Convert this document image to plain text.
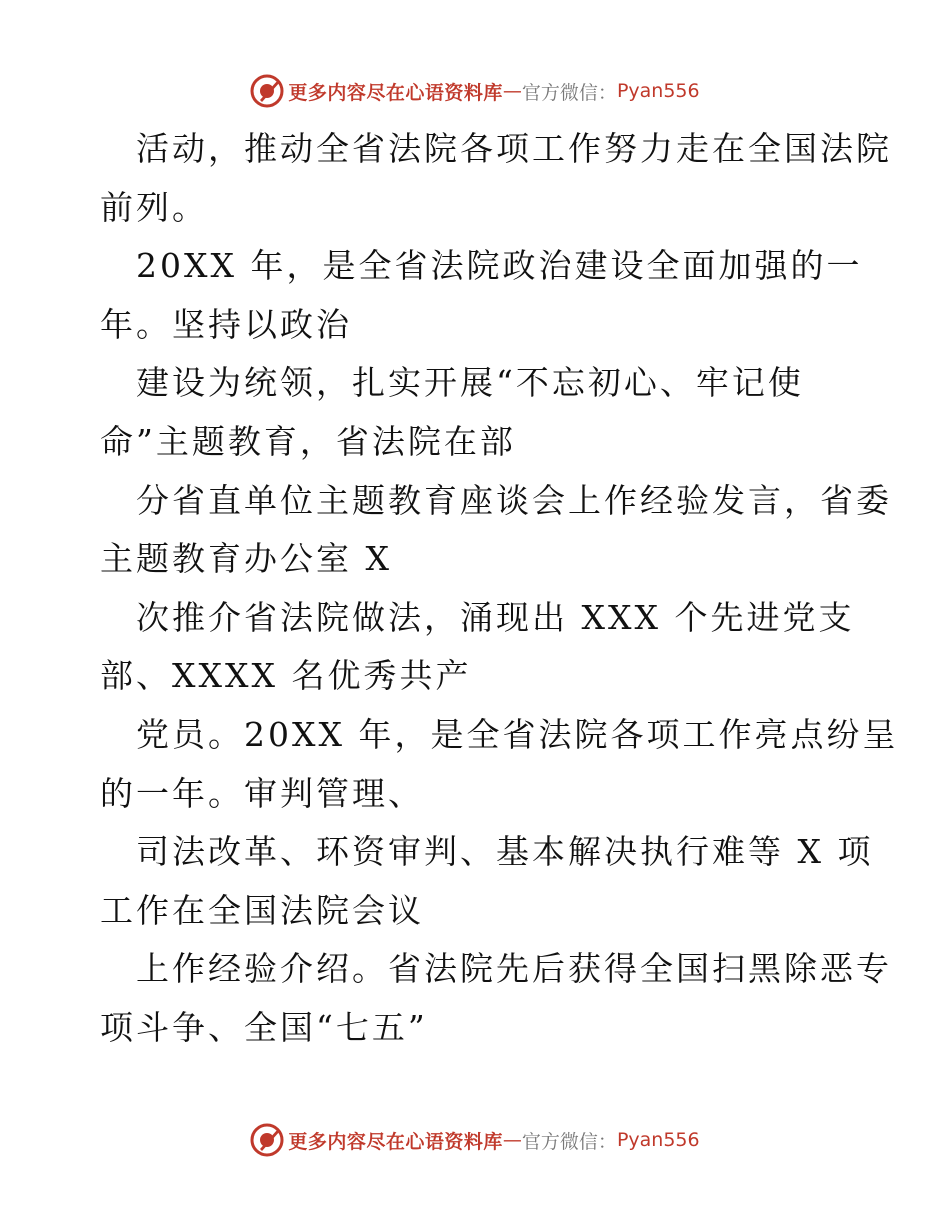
更多内容尽在心语资料库 — 官方微信： Pyan556
活动，推动全省法院各项工作努力走在全国法院
前列。
20XX 年，是全省法院政治建设全面加强的一
年。坚持以政治
建设为统领，扎实开展“不忘初心、牢记使
命”主题教育，省法院在部
分省直单位主题教育座谈会上作经验发言，省委
主题教育办公室 X
次推介省法院做法，涌现出 XXX 个先进党支
部、XXXX 名优秀共产
党员。20XX 年，是全省法院各项工作亮点纷呈
的一年。审判管理、
司法改革、环资审判、基本解决执行难等 X 项
工作在全国法院会议
上作经验介绍。省法院先后获得全国扫黑除恶专
项斗争、全国“七五”
更多内容尽在心语资料库 — 官方微信： Pyan556
